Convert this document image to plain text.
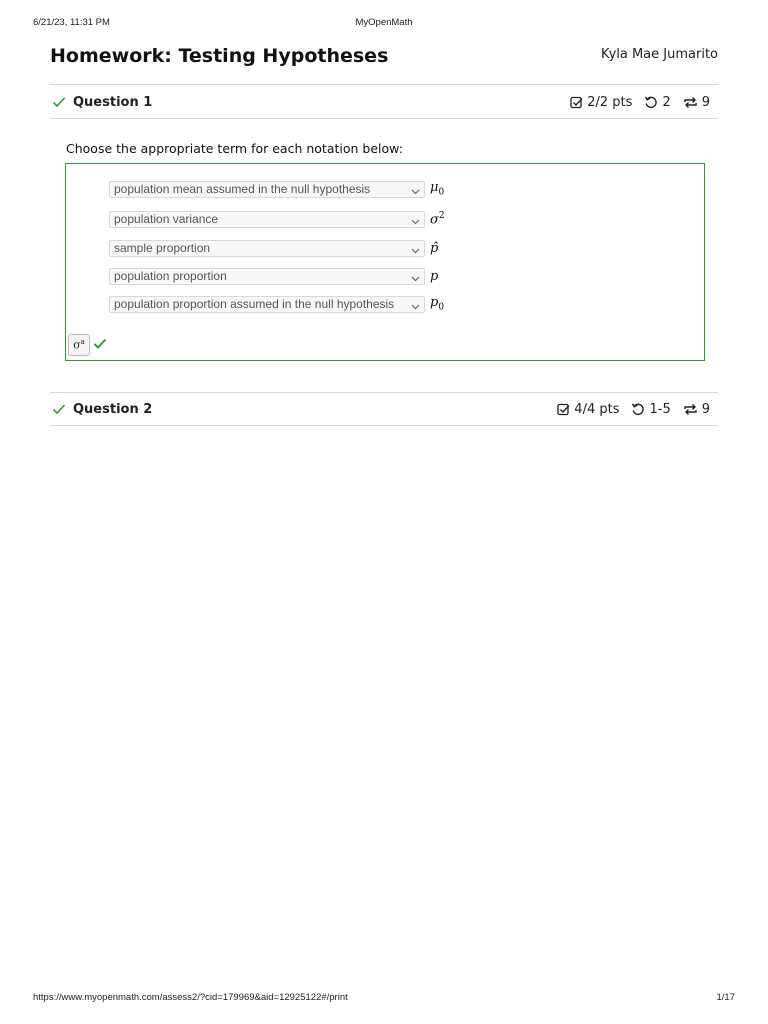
6/21/23, 11:31 PM	MyOpenMath
Homework: Testing Hypotheses	Kyla Mae Jumarito
Question 1	2/2 pts 2 9
Choose the appropriate term for each notation below:
population mean assumed in the null hypothesis	$\mu_0$
population variance	$\sigma^2$
sample proportion	p̂
population proportion	p
population proportion assumed in the null hypothesis	$p_0$
$\sigma^a$
Question 2	4/4 pts 1-5 9
https://www.myopenmath.com/assess2/?cid=179969&aid=12925122#/print	1/17
